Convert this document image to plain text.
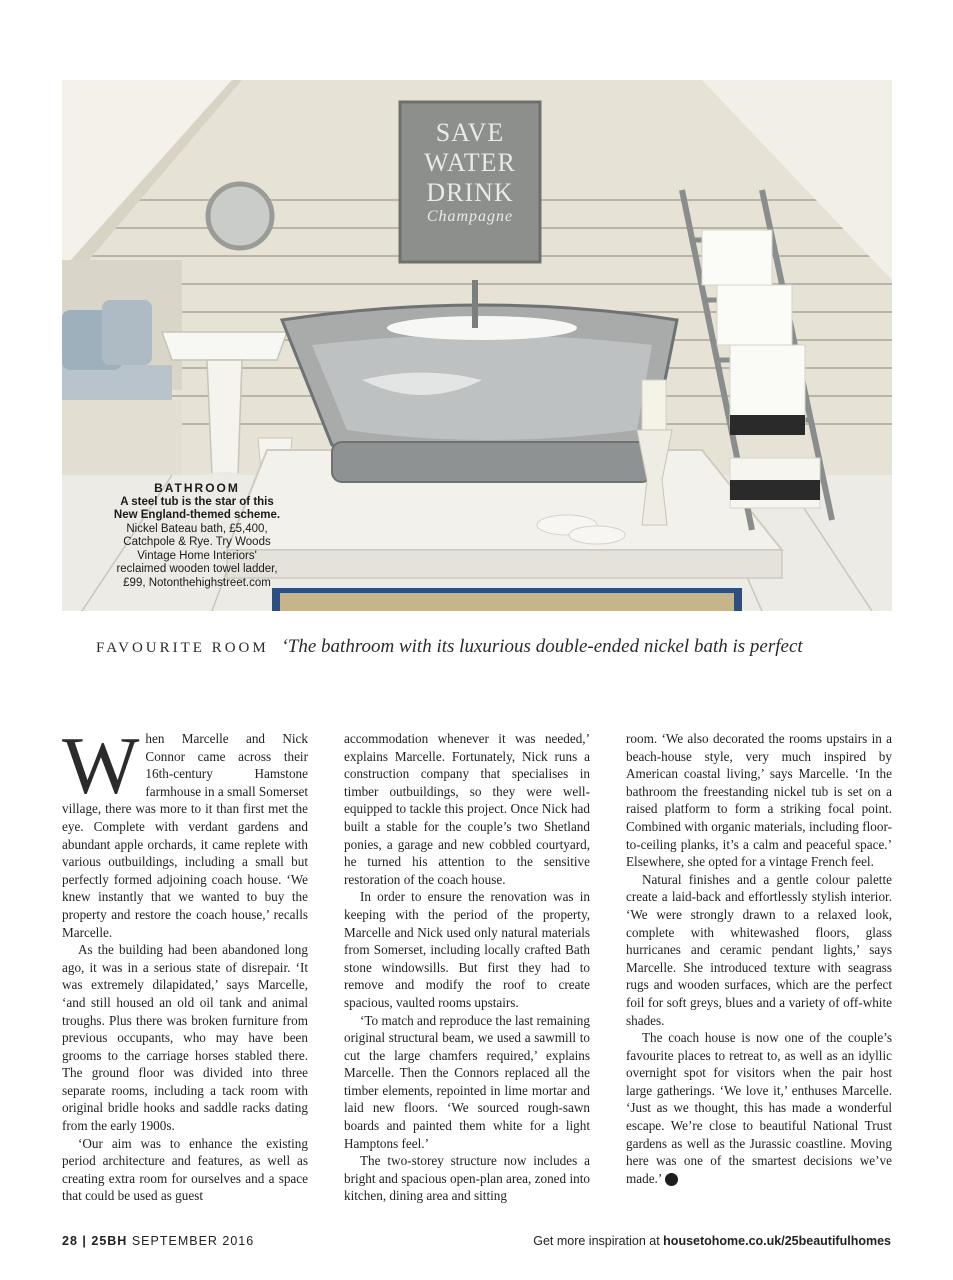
SAVE
WATER
DRINK
Champagne
BATHROOM
A steel tub is the star of this
New England-themed scheme.
Nickel Bateau bath, £5,400,
Catchpole & Rye. Try Woods
Vintage Home Interiors'
reclaimed wooden towel ladder,
£99, Notonthehighstreet.com
FAVOURITE ROOM ‘The bathroom with its luxurious double-ended nickel bath is perfect

When Marcelle and Nick Connor came across their 16th-century Hamstone farmhouse in a small Somerset village, there was more to it than first met the eye. Complete with verdant gardens and abundant apple orchards, it came replete with various outbuildings, including a small but perfectly formed adjoining coach house. ‘We knew instantly that we wanted to buy the property and restore the coach house,’ recalls Marcelle.

As the building had been abandoned long ago, it was in a serious state of disrepair. ‘It was extremely dilapidated,’ says Marcelle, ‘and still housed an old oil tank and animal troughs. Plus there was broken furniture from previous occupants, who may have been grooms to the carriage horses stabled there. The ground floor was divided into three separate rooms, including a tack room with original bridle hooks and saddle racks dating from the early 1900s.

‘Our aim was to enhance the existing period architecture and features, as well as creating extra room for ourselves and a space that could be used as guest

accommodation whenever it was needed,’ explains Marcelle. Fortunately, Nick runs a construction company that specialises in timber outbuildings, so they were well-equipped to tackle this project. Once Nick had built a stable for the couple’s two Shetland ponies, a garage and new cobbled courtyard, he turned his attention to the sensitive restoration of the coach house.

In order to ensure the renovation was in keeping with the period of the property, Marcelle and Nick used only natural materials from Somerset, including locally crafted Bath stone windowsills. But first they had to remove and modify the roof to create spacious, vaulted rooms upstairs.

‘To match and reproduce the last remaining original structural beam, we used a sawmill to cut the large chamfers required,’ explains Marcelle. Then the Connors replaced all the timber elements, repointed in lime mortar and laid new floors. ‘We sourced rough-sawn boards and painted them white for a light Hamptons feel.’

The two-storey structure now includes a bright and spacious open-plan area, zoned into kitchen, dining area and sitting

room. ‘We also decorated the rooms upstairs in a beach-house style, very much inspired by American coastal living,’ says Marcelle. ‘In the bathroom the freestanding nickel tub is set on a raised platform to form a striking focal point. Combined with organic materials, including floor-to-ceiling planks, it’s a calm and peaceful space.’ Elsewhere, she opted for a vintage French feel.

Natural finishes and a gentle colour palette create a laid-back and effortlessly stylish interior. ‘We were strongly drawn to a relaxed look, complete with whitewashed floors, glass hurricanes and ceramic pendant lights,’ says Marcelle. She introduced texture with seagrass rugs and wooden surfaces, which are the perfect foil for soft greys, blues and a variety of off-white shades.

The coach house is now one of the couple’s favourite places to retreat to, as well as an idyllic overnight spot for visitors when the pair host large gatherings. ‘We love it,’ enthuses Marcelle. ‘Just as we thought, this has made a wonderful escape. We’re close to beautiful National Trust gardens as well as the Jurassic coastline. Moving here was one of the smartest decisions we’ve made.’ 25

28 | 25BH SEPTEMBER 2016	Get more inspiration at housetohome.co.uk/25beautifulhomes
